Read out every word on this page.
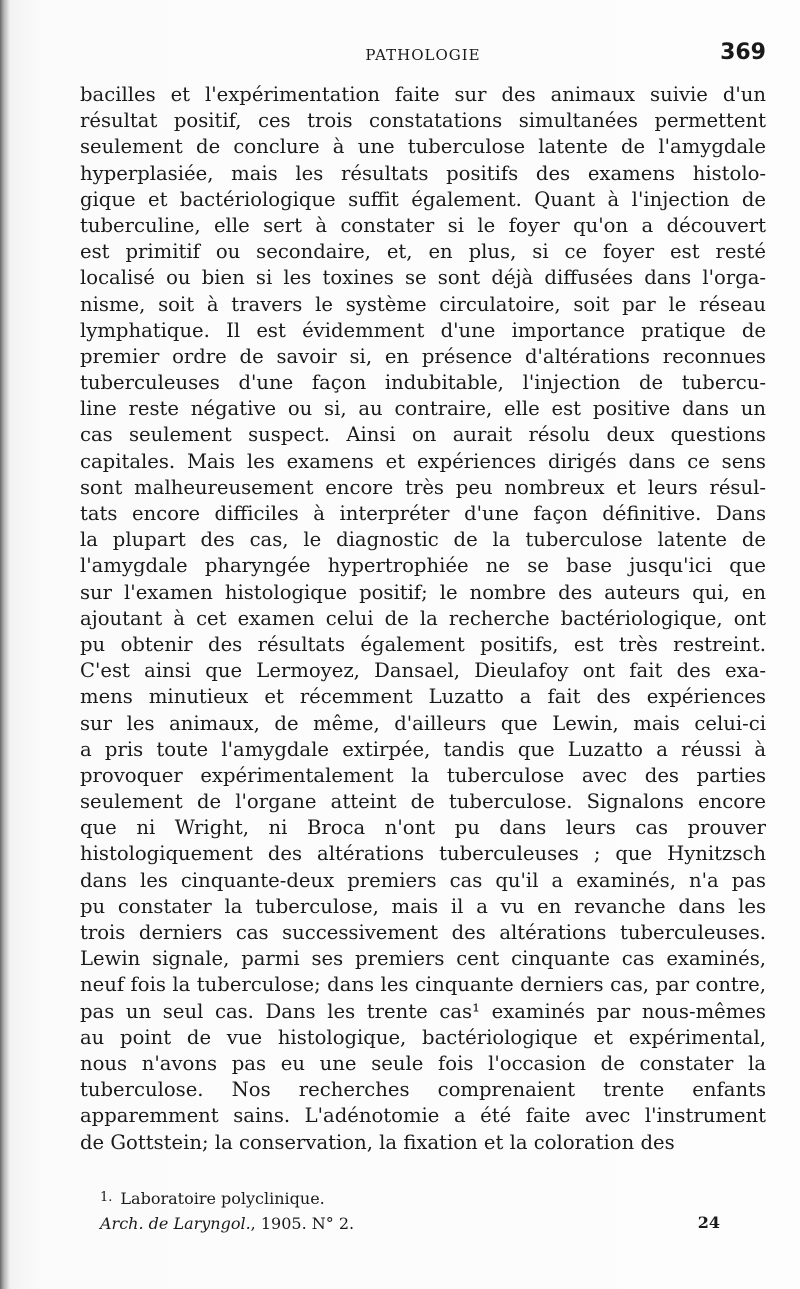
PATHOLOGIE	369
bacilles et l'expérimentation faite sur des animaux suivie d'un
résultat positif, ces trois constatations simultanées permettent
seulement de conclure à une tuberculose latente de l'amygdale
hyperplasiée, mais les résultats positifs des examens histolo-
gique et bactériologique suffit également. Quant à l'injection de
tuberculine, elle sert à constater si le foyer qu'on a découvert
est primitif ou secondaire, et, en plus, si ce foyer est resté
localisé ou bien si les toxines se sont déjà diffusées dans l'orga-
nisme, soit à travers le système circulatoire, soit par le réseau
lymphatique. Il est évidemment d'une importance pratique de
premier ordre de savoir si, en présence d'altérations reconnues
tuberculeuses d'une façon indubitable, l'injection de tubercu-
line reste négative ou si, au contraire, elle est positive dans un
cas seulement suspect. Ainsi on aurait résolu deux questions
capitales. Mais les examens et expériences dirigés dans ce sens
sont malheureusement encore très peu nombreux et leurs résul-
tats encore difficiles à interpréter d'une façon définitive. Dans
la plupart des cas, le diagnostic de la tuberculose latente de
l'amygdale pharyngée hypertrophiée ne se base jusqu'ici que
sur l'examen histologique positif; le nombre des auteurs qui, en
ajoutant à cet examen celui de la recherche bactériologique, ont
pu obtenir des résultats également positifs, est très restreint.
C'est ainsi que Lermoyez, Dansael, Dieulafoy ont fait des exa-
mens minutieux et récemment Luzatto a fait des expériences
sur les animaux, de même, d'ailleurs que Lewin, mais celui-ci
a pris toute l'amygdale extirpée, tandis que Luzatto a réussi à
provoquer expérimentalement la tuberculose avec des parties
seulement de l'organe atteint de tuberculose. Signalons encore
que ni Wright, ni Broca n'ont pu dans leurs cas prouver
histologiquement des altérations tuberculeuses ; que Hynitzsch
dans les cinquante-deux premiers cas qu'il a examinés, n'a pas
pu constater la tuberculose, mais il a vu en revanche dans les
trois derniers cas successivement des altérations tuberculeuses.
Lewin signale, parmi ses premiers cent cinquante cas examinés,
neuf fois la tuberculose; dans les cinquante derniers cas, par contre,
pas un seul cas. Dans les trente cas¹ examinés par nous-mêmes
au point de vue histologique, bactériologique et expérimental,
nous n'avons pas eu une seule fois l'occasion de constater la
tuberculose. Nos recherches comprenaient trente enfants
apparemment sains. L'adénotomie a été faite avec l'instrument
de Gottstein; la conservation, la fixation et la coloration des
1. Laboratoire polyclinique.
Arch. de Laryngol., 1905. N° 2.	24
